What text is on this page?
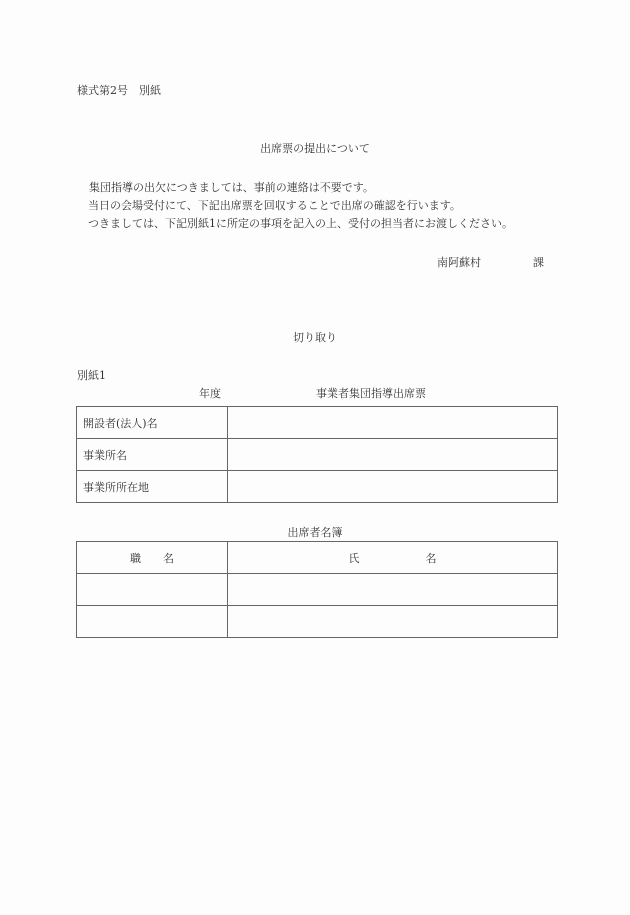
様式第2号　別紙
出席票の提出について
集団指導の出欠につきましては、事前の連絡は不要です。
　当日の会場受付にて、下記出席票を回収することで出席の確認を行います。
　つきましては、下記別紙1に所定の事項を記入の上、受付の担当者にお渡しください。
南阿蘇村	課
切り取り
別紙1
年度	事業者集団指導出席票
開設者(法人)名	
事業所名	
事業所所在地	
出席者名簿
職 名	氏 名
